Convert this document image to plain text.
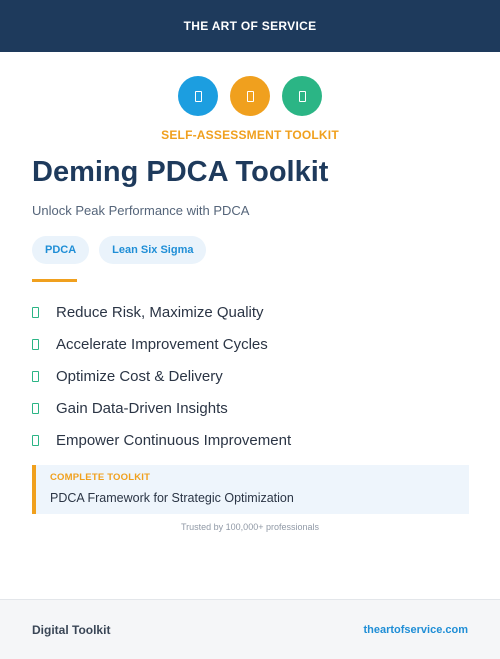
THE ART OF SERVICE
SELF-ASSESSMENT TOOLKIT
Deming PDCA Toolkit

Unlock Peak Performance with PDCA

PDCA	Lean Six Sigma
Reduce Risk, Maximize Quality
Accelerate Improvement Cycles
Optimize Cost & Delivery
Gain Data-Driven Insights
Empower Continuous Improvement
COMPLETE TOOLKIT
PDCA Framework for Strategic Optimization
Trusted by 100,000+ professionals
Digital Toolkit	theartofservice.com
